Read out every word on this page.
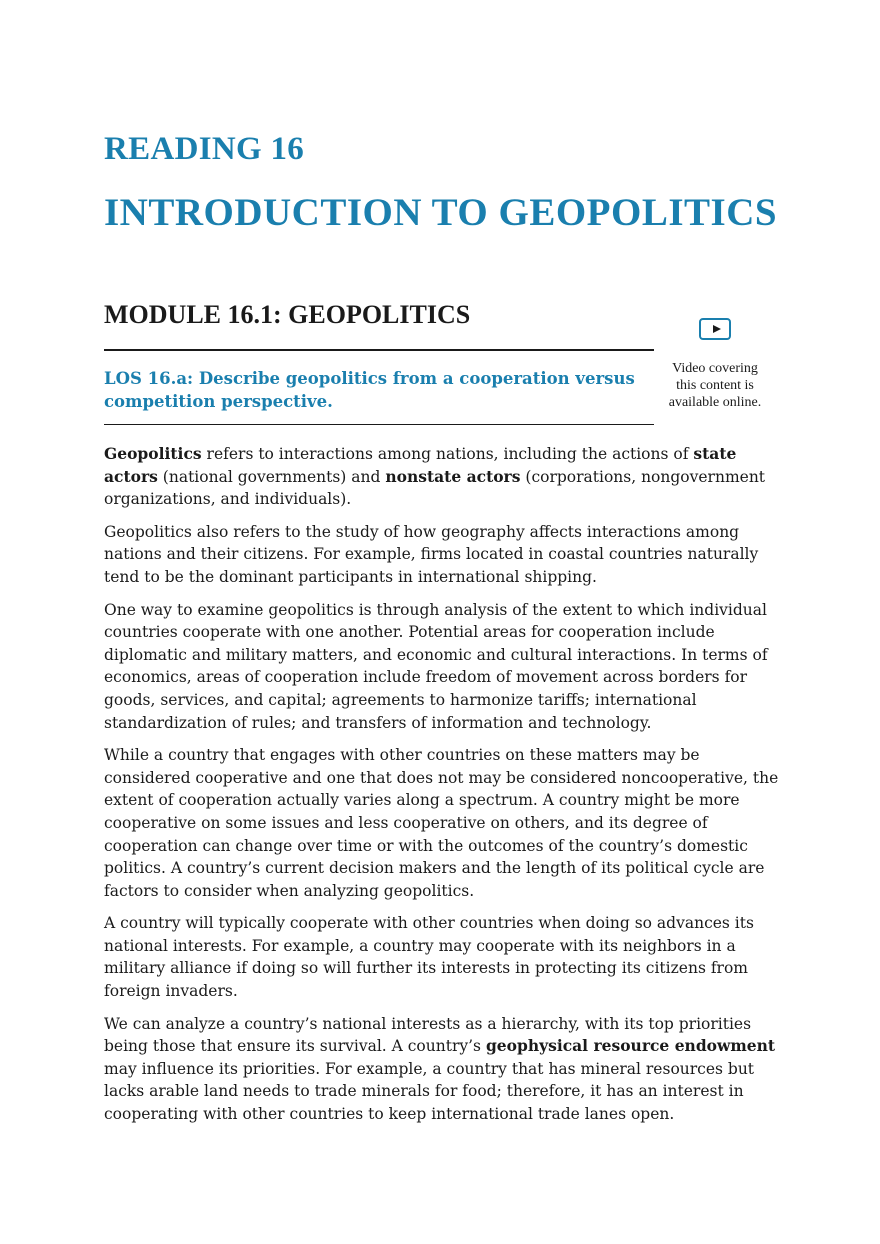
READING 16
INTRODUCTION TO GEOPOLITICS
MODULE 16.1: GEOPOLITICS
LOS 16.a: Describe geopolitics from a cooperation versus competition perspective.
Video covering
this content is
available online.

Geopolitics refers to interactions among nations, including the actions of state actors (national governments) and nonstate actors (corporations, nongovernment organizations, and individuals).

Geopolitics also refers to the study of how geography affects interactions among nations and their citizens. For example, firms located in coastal countries naturally tend to be the dominant participants in international shipping.

One way to examine geopolitics is through analysis of the extent to which individual countries cooperate with one another. Potential areas for cooperation include diplomatic and military matters, and economic and cultural interactions. In terms of economics, areas of cooperation include freedom of movement across borders for goods, services, and capital; agreements to harmonize tariffs; international standardization of rules; and transfers of information and technology.

While a country that engages with other countries on these matters may be considered cooperative and one that does not may be considered noncooperative, the extent of cooperation actually varies along a spectrum. A country might be more cooperative on some issues and less cooperative on others, and its degree of cooperation can change over time or with the outcomes of the country’s domestic politics. A country’s current decision makers and the length of its political cycle are factors to consider when analyzing geopolitics.

A country will typically cooperate with other countries when doing so advances its national interests. For example, a country may cooperate with its neighbors in a military alliance if doing so will further its interests in protecting its citizens from foreign invaders.

We can analyze a country’s national interests as a hierarchy, with its top priorities being those that ensure its survival. A country’s geophysical resource endowment may influence its priorities. For example, a country that has mineral resources but lacks arable land needs to trade minerals for food; therefore, it has an interest in cooperating with other countries to keep international trade lanes open.
